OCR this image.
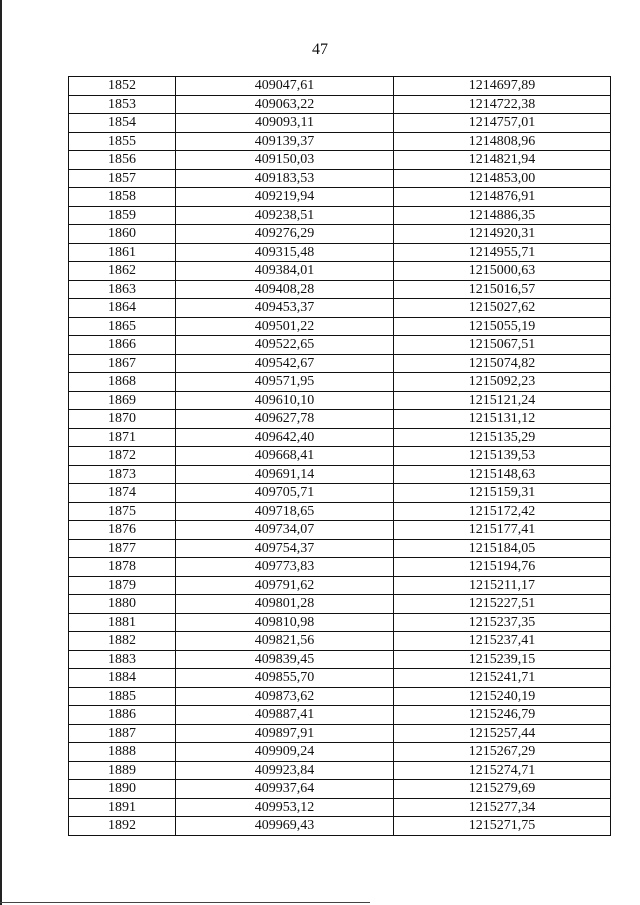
47
1852	409047,61	1214697,89
1853	409063,22	1214722,38
1854	409093,11	1214757,01
1855	409139,37	1214808,96
1856	409150,03	1214821,94
1857	409183,53	1214853,00
1858	409219,94	1214876,91
1859	409238,51	1214886,35
1860	409276,29	1214920,31
1861	409315,48	1214955,71
1862	409384,01	1215000,63
1863	409408,28	1215016,57
1864	409453,37	1215027,62
1865	409501,22	1215055,19
1866	409522,65	1215067,51
1867	409542,67	1215074,82
1868	409571,95	1215092,23
1869	409610,10	1215121,24
1870	409627,78	1215131,12
1871	409642,40	1215135,29
1872	409668,41	1215139,53
1873	409691,14	1215148,63
1874	409705,71	1215159,31
1875	409718,65	1215172,42
1876	409734,07	1215177,41
1877	409754,37	1215184,05
1878	409773,83	1215194,76
1879	409791,62	1215211,17
1880	409801,28	1215227,51
1881	409810,98	1215237,35
1882	409821,56	1215237,41
1883	409839,45	1215239,15
1884	409855,70	1215241,71
1885	409873,62	1215240,19
1886	409887,41	1215246,79
1887	409897,91	1215257,44
1888	409909,24	1215267,29
1889	409923,84	1215274,71
1890	409937,64	1215279,69
1891	409953,12	1215277,34
1892	409969,43	1215271,75
